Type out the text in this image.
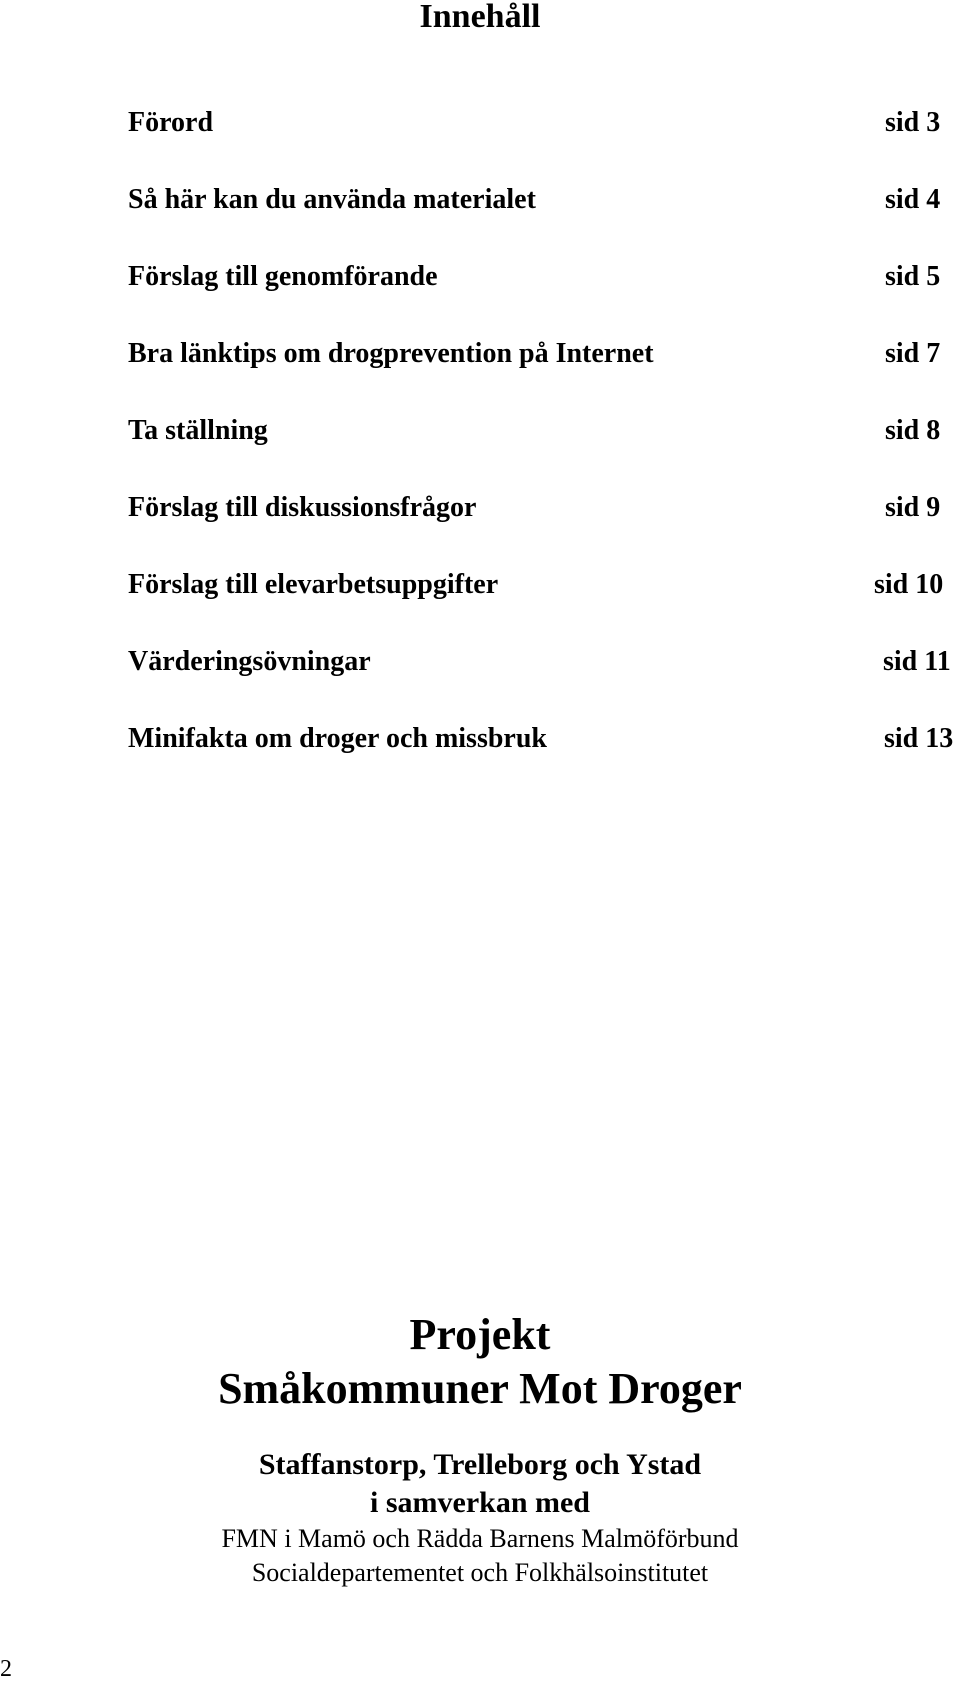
Innehåll
Förord	sid 3
Så här kan du använda materialet	sid 4
Förslag till genomförande	sid 5
Bra länktips om drogprevention på Internet	sid 7
Ta ställning	sid 8
Förslag till diskussionsfrågor	sid 9
Förslag till elevarbetsuppgifter	sid 10
Värderingsövningar	sid 11
Minifakta om droger och missbruk	sid 13

Projekt

Småkommuner Mot Droger

Staffanstorp, Trelleborg och Ystad

i samverkan med

FMN i Mamö och Rädda Barnens Malmöförbund

Socialdepartementet och Folkhälsoinstitutet

2
